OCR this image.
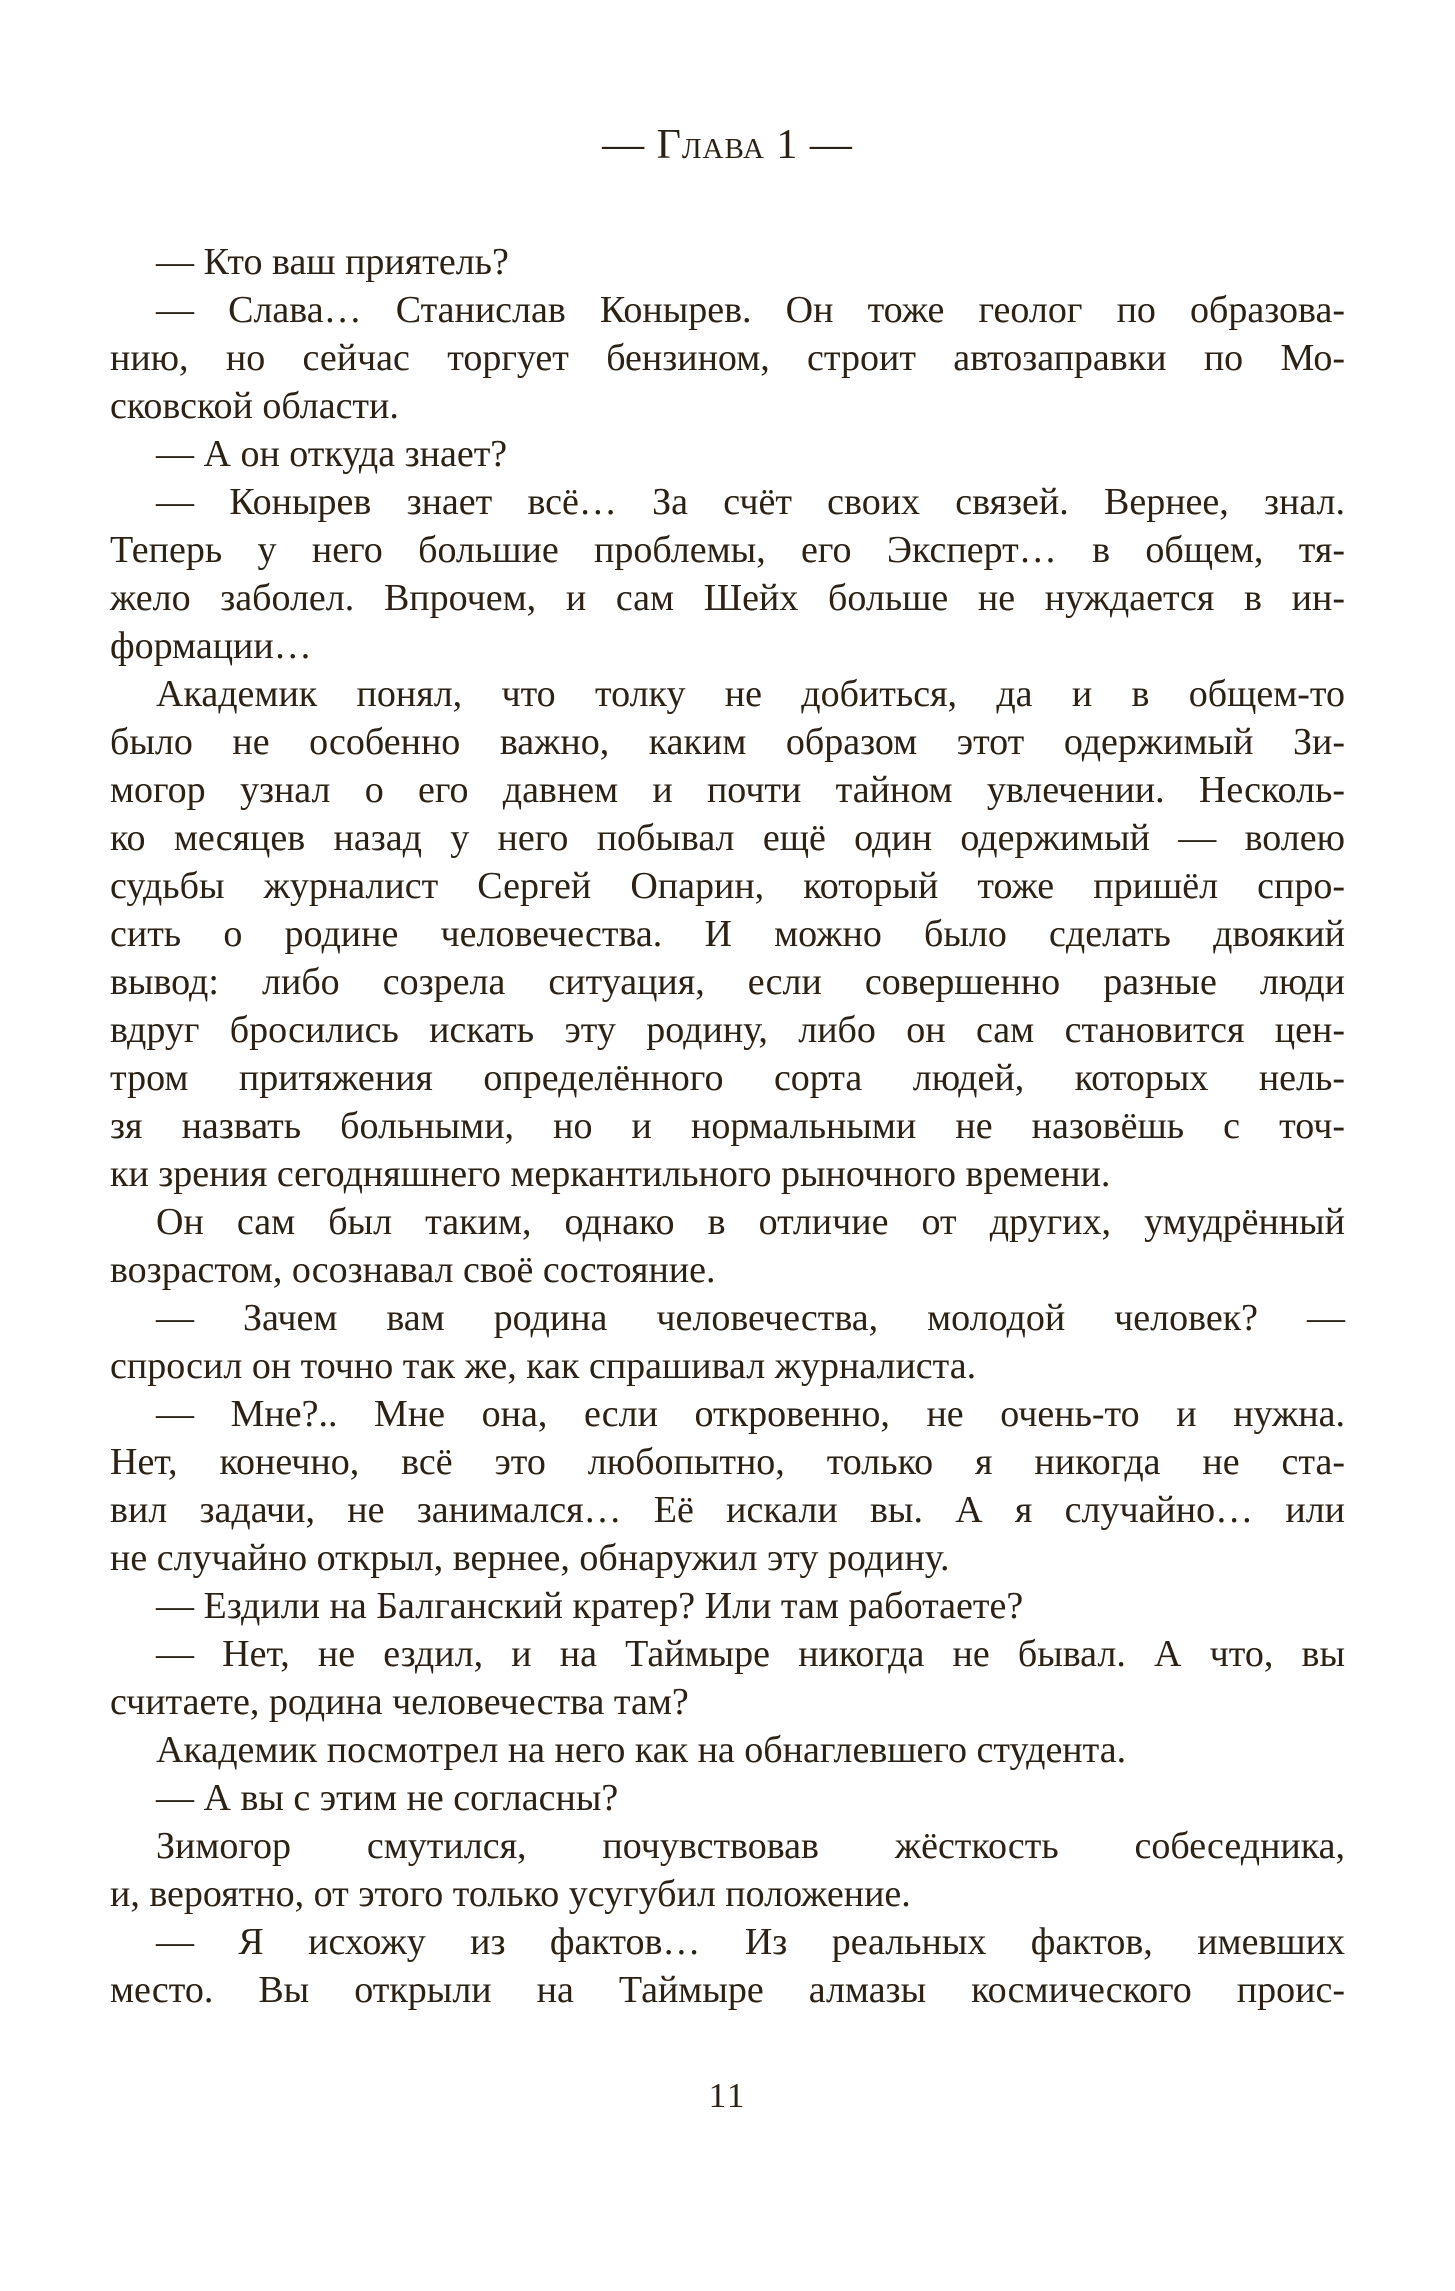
— Глава 1 —
— Кто ваш приятель?
— Слава… Станислав Конырев. Он тоже геолог по образова-
нию, но сейчас торгует бензином, строит автозаправки по Мо-
сковской области.
— А он откуда знает?
— Конырев знает всё… За счёт своих связей. Вернее, знал.
Теперь у него большие проблемы, его Эксперт… в общем, тя-
жело заболел. Впрочем, и сам Шейх больше не нуждается в ин-
формации…
Академик понял, что толку не добиться, да и в общем-то
было не особенно важно, каким образом этот одержимый Зи-
могор узнал о его давнем и почти тайном увлечении. Несколь-
ко месяцев назад у него побывал ещё один одержимый — волею
судьбы журналист Сергей Опарин, который тоже пришёл спро-
сить о родине человечества. И можно было сделать двоякий
вывод: либо созрела ситуация, если совершенно разные люди
вдруг бросились искать эту родину, либо он сам становится цен-
тром притяжения определённого сорта людей, которых нель-
зя назвать больными, но и нормальными не назовёшь с точ-
ки зрения сегодняшнего меркантильного рыночного времени.
Он сам был таким, однако в отличие от других, умудрённый
возрастом, осознавал своё состояние.
— Зачем вам родина человечества, молодой человек? —
спросил он точно так же, как спрашивал журналиста.
— Мне?.. Мне она, если откровенно, не очень-то и нужна.
Нет, конечно, всё это любопытно, только я никогда не ста-
вил задачи, не занимался… Её искали вы. А я случайно… или
не случайно открыл, вернее, обнаружил эту родину.
— Ездили на Балганский кратер? Или там работаете?
— Нет, не ездил, и на Таймыре никогда не бывал. А что, вы
считаете, родина человечества там?
Академик посмотрел на него как на обнаглевшего студента.
— А вы с этим не согласны?
Зимогор смутился, почувствовав жёсткость собеседника,
и, вероятно, от этого только усугубил положение.
— Я исхожу из фактов… Из реальных фактов, имевших
место. Вы открыли на Таймыре алмазы космического проис-
11
